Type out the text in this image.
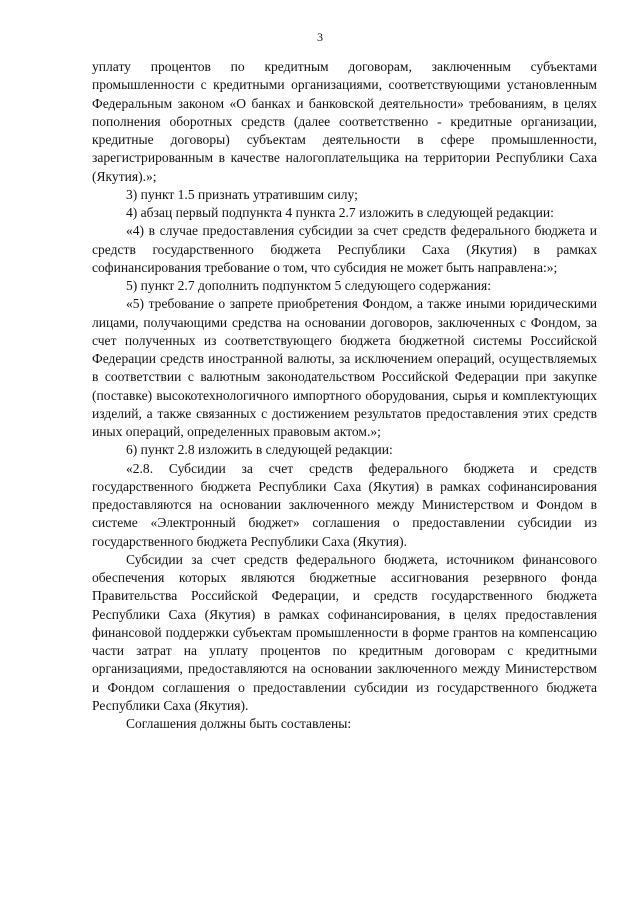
3

уплату процентов по кредитным договорам, заключенным субъектами промышленности с кредитными организациями, соответствующими установленным Федеральным законом «О банках и банковской деятельности» требованиям, в целях пополнения оборотных средств (далее соответственно - кредитные организации, кредитные договоры) субъектам деятельности в сфере промышленности, зарегистрированным в качестве налогоплательщика на территории Республики Саха (Якутия).»;

3) пункт 1.5 признать утратившим силу;

4) абзац первый подпункта 4 пункта 2.7 изложить в следующей редакции:

«4) в случае предоставления субсидии за счет средств федерального бюджета и средств государственного бюджета Республики Саха (Якутия) в рамках софинансирования требование о том, что субсидия не может быть направлена:»;

5) пункт 2.7 дополнить подпунктом 5 следующего содержания:

«5) требование о запрете приобретения Фондом, а также иными юридическими лицами, получающими средства на основании договоров, заключенных с Фондом, за счет полученных из соответствующего бюджета бюджетной системы Российской Федерации средств иностранной валюты, за исключением операций, осуществляемых в соответствии с валютным законодательством Российской Федерации при закупке (поставке) высокотехнологичного импортного оборудования, сырья и комплектующих изделий, а также связанных с достижением результатов предоставления этих средств иных операций, определенных правовым актом.»;

6) пункт 2.8 изложить в следующей редакции:

«2.8. Субсидии за счет средств федерального бюджета и средств государственного бюджета Республики Саха (Якутия) в рамках софинансирования предоставляются на основании заключенного между Министерством и Фондом в системе «Электронный бюджет» соглашения о предоставлении субсидии из государственного бюджета Республики Саха (Якутия).

Субсидии за счет средств федерального бюджета, источником финансового обеспечения которых являются бюджетные ассигнования резервного фонда Правительства Российской Федерации, и средств государственного бюджета Республики Саха (Якутия) в рамках софинансирования, в целях предоставления финансовой поддержки субъектам промышленности в форме грантов на компенсацию части затрат на уплату процентов по кредитным договорам с кредитными организациями, предоставляются на основании заключенного между Министерством и Фондом соглашения о предоставлении субсидии из государственного бюджета Республики Саха (Якутия).

Соглашения должны быть составлены:
